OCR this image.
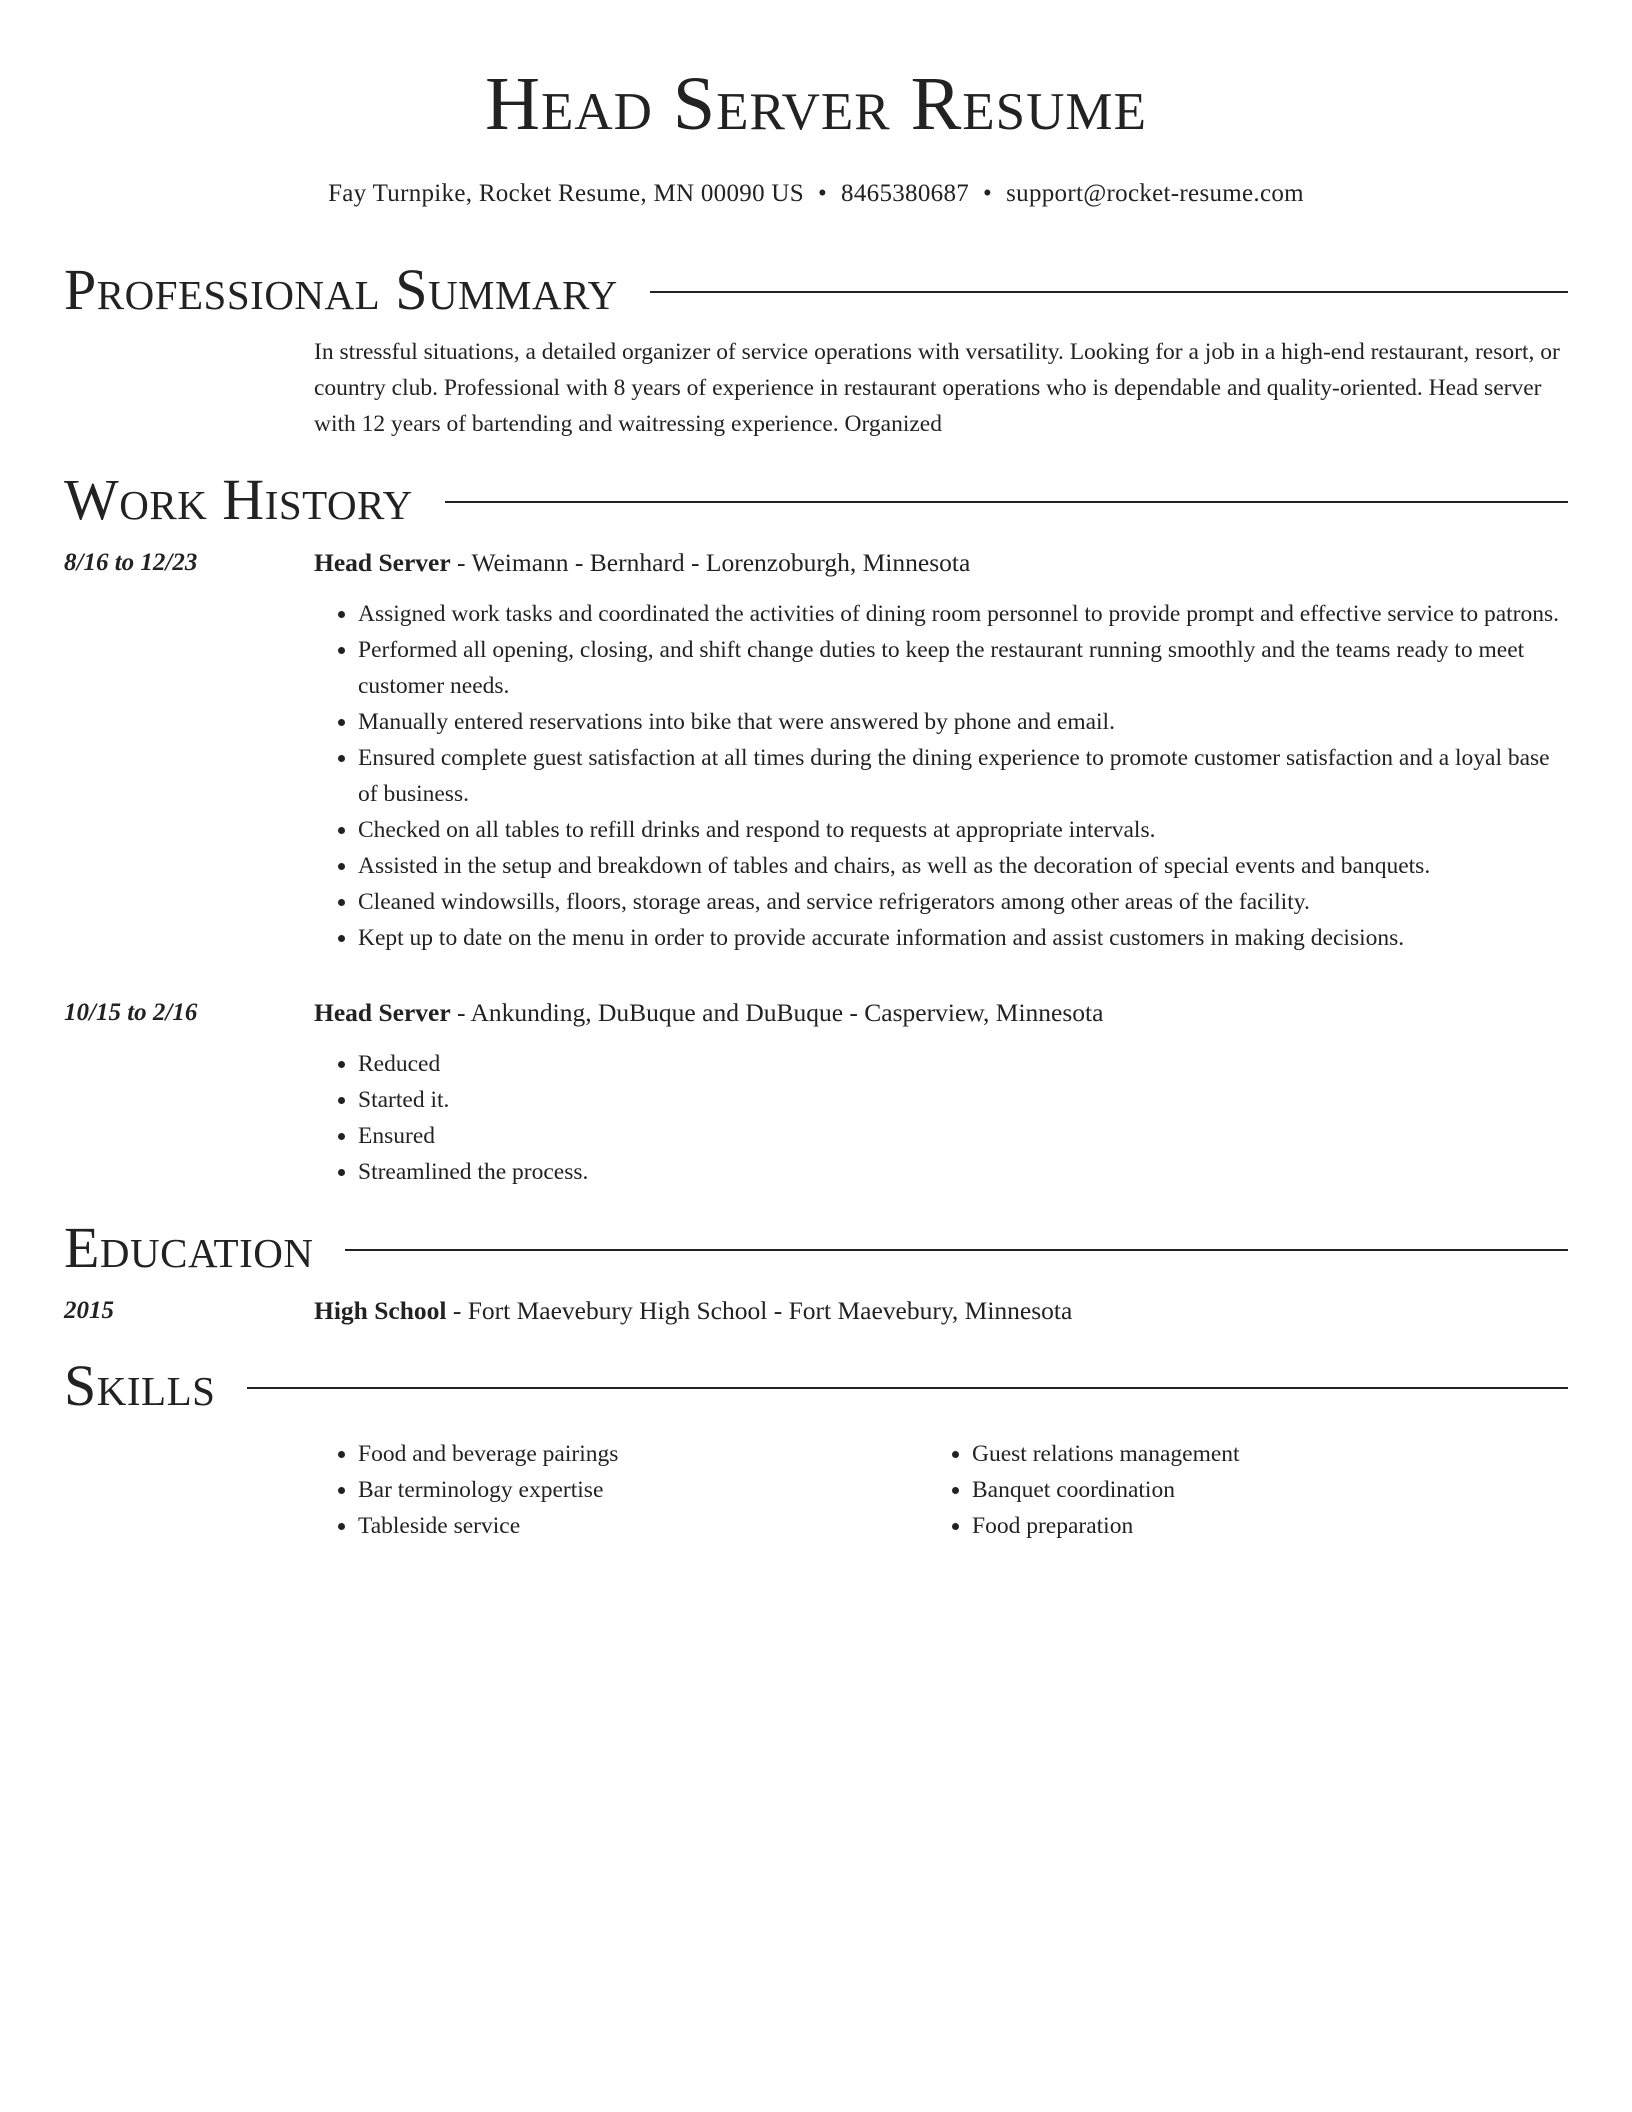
Head Server Resume
Fay Turnpike, Rocket Resume, MN 00090 US • 8465380687 • support@rocket-resume.com
Professional Summary
In stressful situations, a detailed organizer of service operations with versatility. Looking for a job in a high-end restaurant, resort, or country club. Professional with 8 years of experience in restaurant operations who is dependable and quality-oriented. Head server with 12 years of bartending and waitressing experience. Organized
Work History
8/16 to 12/23	Head Server - Weimann - Bernhard - Lorenzoburgh, Minnesota
• Assigned work tasks and coordinated the activities of dining room personnel to provide prompt and effective service to patrons.
• Performed all opening, closing, and shift change duties to keep the restaurant running smoothly and the teams ready to meet customer needs.
• Manually entered reservations into bike that were answered by phone and email.
• Ensured complete guest satisfaction at all times during the dining experience to promote customer satisfaction and a loyal base of business.
• Checked on all tables to refill drinks and respond to requests at appropriate intervals.
• Assisted in the setup and breakdown of tables and chairs, as well as the decoration of special events and banquets.
• Cleaned windowsills, floors, storage areas, and service refrigerators among other areas of the facility.
• Kept up to date on the menu in order to provide accurate information and assist customers in making decisions.
10/15 to 2/16	Head Server - Ankunding, DuBuque and DuBuque - Casperview, Minnesota
• Reduced
• Started it.
• Ensured
• Streamlined the process.
Education
2015	High School - Fort Maevebury High School - Fort Maevebury, Minnesota
Skills
• Food and beverage pairings
• Bar terminology expertise
• Tableside service
• Guest relations management
• Banquet coordination
• Food preparation
